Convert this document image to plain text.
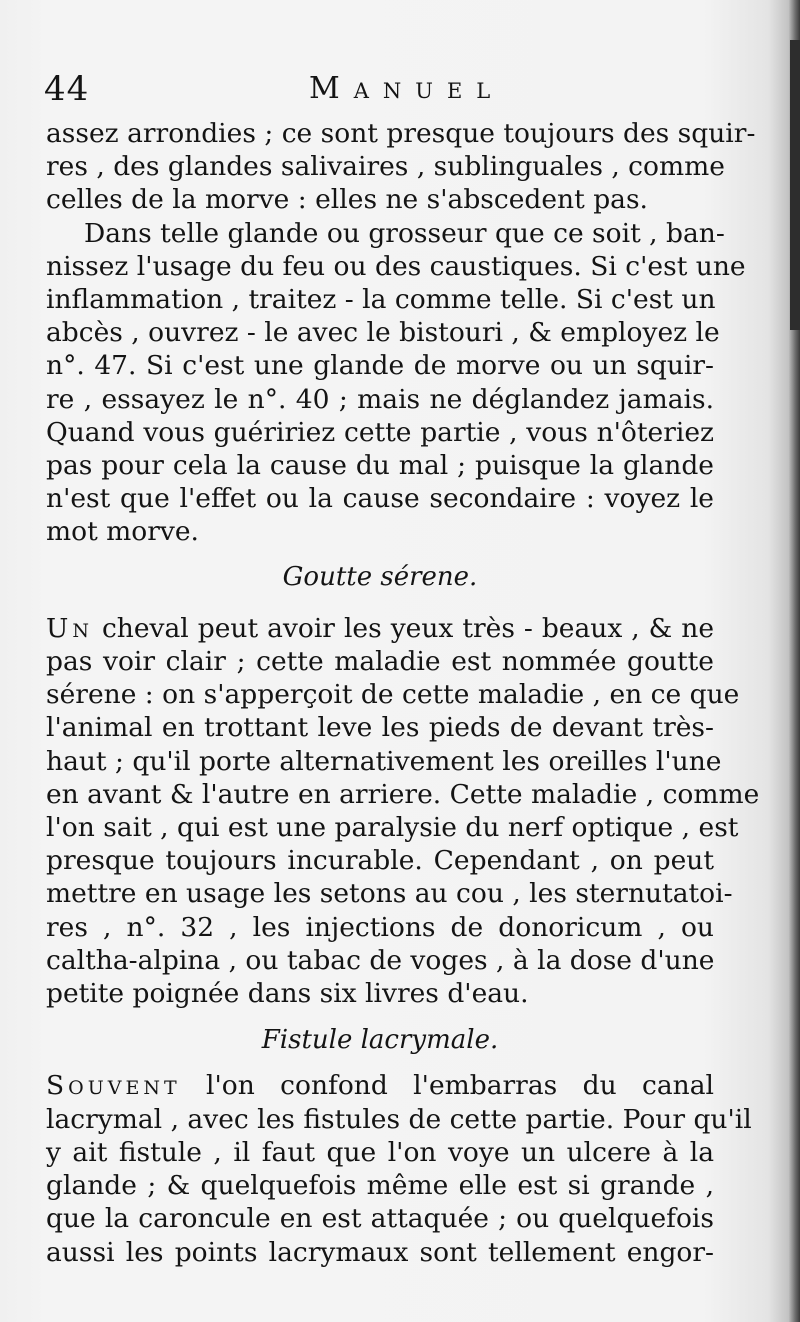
44	Manuel
assez arrondies ; ce sont presque toujours des squir-
res , des glandes salivaires , sublinguales , comme
celles de la morve : elles ne s'abscedent pas.
Dans telle glande ou grosseur que ce soit , ban-
nissez l'usage du feu ou des caustiques. Si c'est une
inflammation , traitez - la comme telle. Si c'est un
abcès , ouvrez - le avec le bistouri , & employez le
n°. 47. Si c'est une glande de morve ou un squir-
re , essayez le n°. 40 ; mais ne déglandez jamais.
Quand vous guéririez cette partie , vous n'ôteriez
pas pour cela la cause du mal ; puisque la glande
n'est que l'effet ou la cause secondaire : voyez le
mot morve.
Goutte sérene.
Un cheval peut avoir les yeux très - beaux , & ne
pas voir clair ; cette maladie est nommée goutte
sérene : on s'apperçoit de cette maladie , en ce que
l'animal en trottant leve les pieds de devant très-
haut ; qu'il porte alternativement les oreilles l'une
en avant & l'autre en arriere. Cette maladie , comme
l'on sait , qui est une paralysie du nerf optique , est
presque toujours incurable. Cependant , on peut
mettre en usage les setons au cou , les sternutatoi-
res , n°. 32 , les injections de donoricum , ou
caltha-alpina , ou tabac de voges , à la dose d'une
petite poignée dans six livres d'eau.
Fistule lacrymale.
Souvent l'on confond l'embarras du canal
lacrymal , avec les fistules de cette partie. Pour qu'il
y ait fistule , il faut que l'on voye un ulcere à la
glande ; & quelquefois même elle est si grande ,
que la caroncule en est attaquée ; ou quelquefois
aussi les points lacrymaux sont tellement engor-
